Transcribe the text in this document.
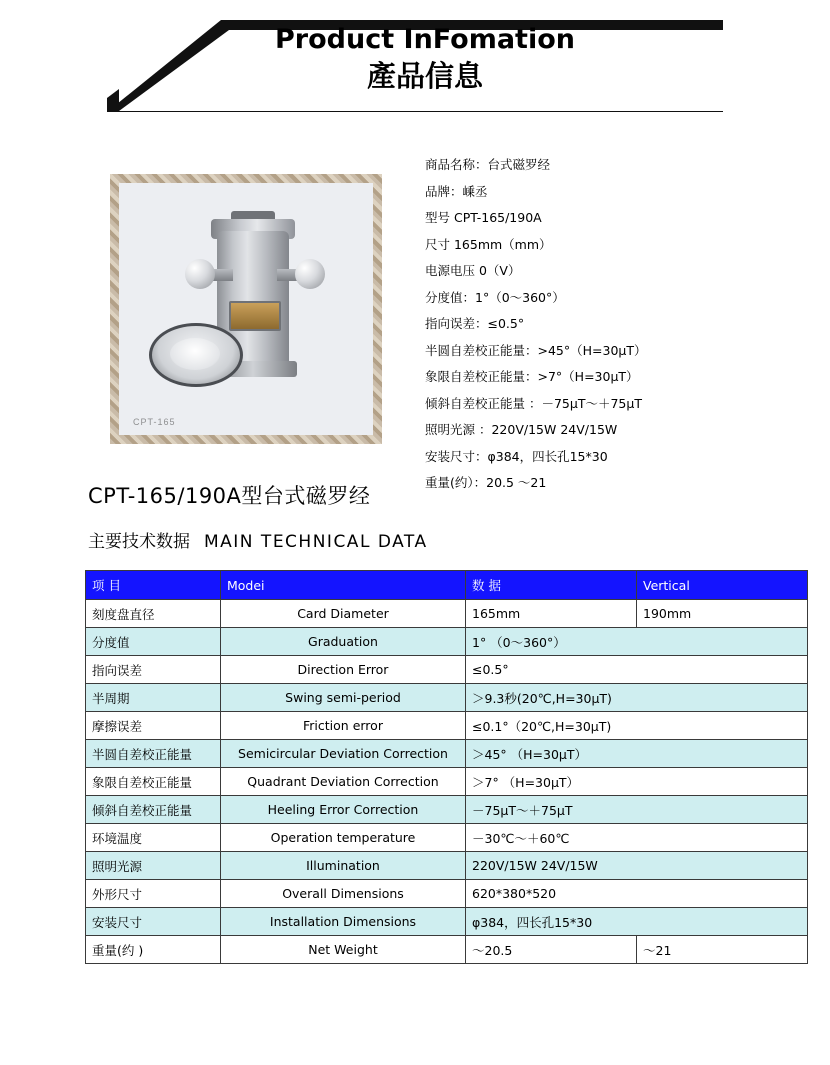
Product InFomation
產品信息
CPT-165
商品名称：台式磁罗经
品牌：嵊丞
型号 CPT-165/190A
尺寸 165mm（mm）
电源电压 0（V）
分度值：1°（0～360°）
指向误差：≤0.5°
半圆自差校正能量：>45°（H=30μT）
象限自差校正能量：>7°（H=30μT）
倾斜自差校正能量 ：－75μT～＋75μT
照明光源 ：220V/15W 24V/15W
安装尺寸：φ384，四长孔15*30
重量(约）：20.5 ～21
CPT-165/190A型台式磁罗经
主要技术数据 MAIN TECHNICAL DATA
项 目	Modei	数 据	Vertical
刻度盘直径	Card Diameter	165mm	190mm
分度值	Graduation	1° （0～360°）	
指向误差	Direction Error	≤0.5°	
半周期	Swing semi-period	＞9.3秒(20℃,H=30μT)	
摩擦误差	Friction error	≤0.1°（20℃,H=30μT)	
半圆自差校正能量	Semicircular Deviation Correction	＞45° （H=30μT）	
象限自差校正能量	Quadrant Deviation Correction	＞7° （H=30μT）	
倾斜自差校正能量	Heeling Error Correction	－75μT～＋75μT	
环境温度	Operation temperature	－30℃～＋60℃	
照明光源	Illumination	220V/15W 24V/15W	
外形尺寸	Overall Dimensions	620*380*520	
安装尺寸	Installation Dimensions	φ384，四长孔15*30	
重量(约 )	Net Weight	～20.5	～21
